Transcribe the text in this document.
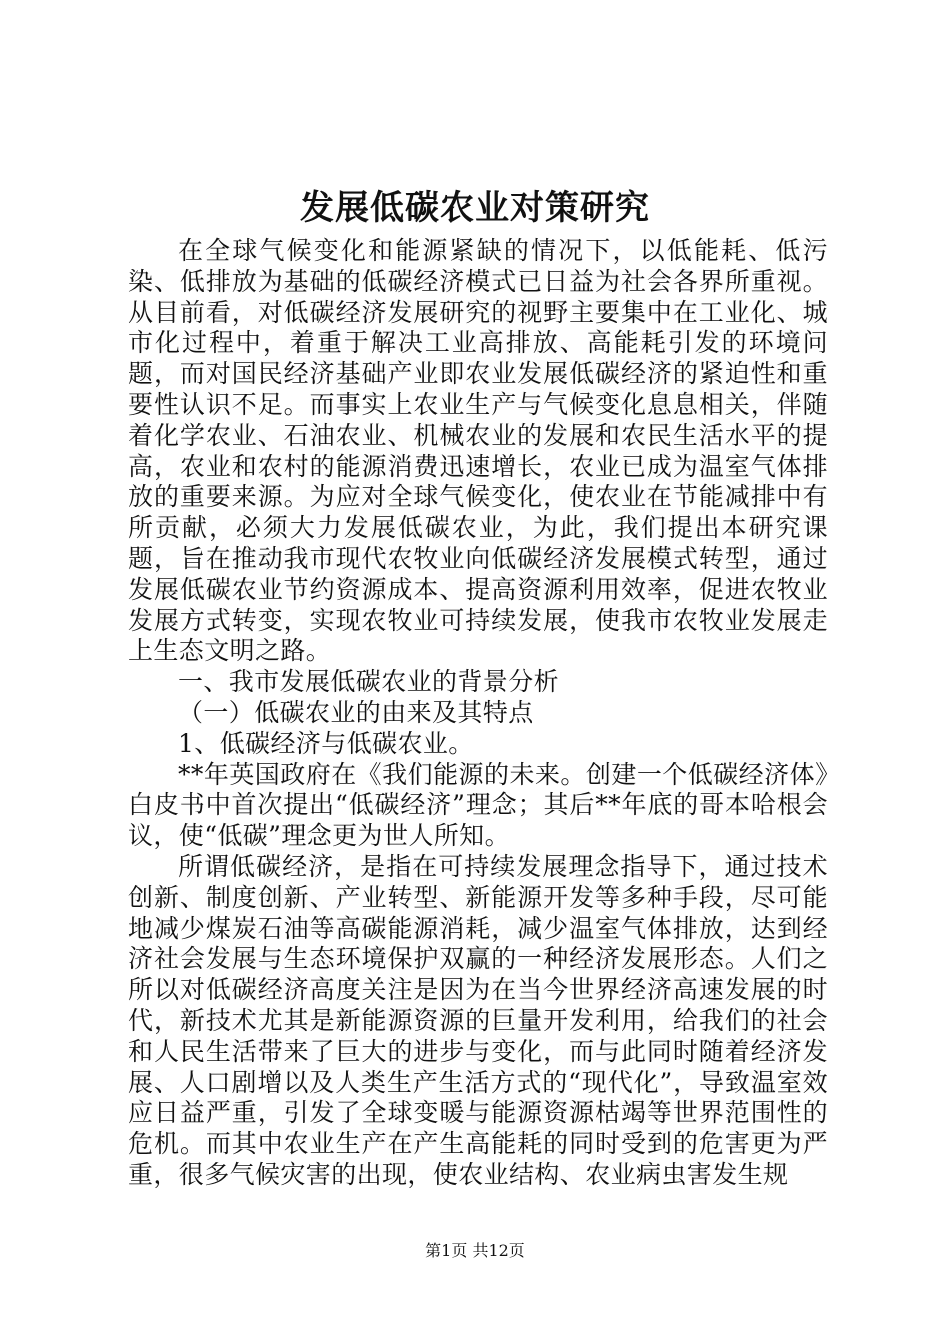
发展低碳农业对策研究

在全球气候变化和能源紧缺的情况下，以低能耗、低污染、低排放为基础的低碳经济模式已日益为社会各界所重视。从目前看，对低碳经济发展研究的视野主要集中在工业化、城市化过程中，着重于解决工业高排放、高能耗引发的环境问题，而对国民经济基础产业即农业发展低碳经济的紧迫性和重要性认识不足。而事实上农业生产与气候变化息息相关，伴随着化学农业、石油农业、机械农业的发展和农民生活水平的提高，农业和农村的能源消费迅速增长，农业已成为温室气体排放的重要来源。为应对全球气候变化，使农业在节能减排中有所贡献，必须大力发展低碳农业，为此，我们提出本研究课题，旨在推动我市现代农牧业向低碳经济发展模式转型，通过发展低碳农业节约资源成本、提高资源利用效率，促进农牧业发展方式转变，实现农牧业可持续发展，使我市农牧业发展走上生态文明之路。

一、我市发展低碳农业的背景分析

（一）低碳农业的由来及其特点

1、低碳经济与低碳农业。

**年英国政府在《我们能源的未来。创建一个低碳经济体》白皮书中首次提出“低碳经济”理念；其后**年底的哥本哈根会议，使“低碳”理念更为世人所知。

所谓低碳经济，是指在可持续发展理念指导下，通过技术创新、制度创新、产业转型、新能源开发等多种手段，尽可能地减少煤炭石油等高碳能源消耗，减少温室气体排放，达到经济社会发展与生态环境保护双赢的一种经济发展形态。人们之所以对低碳经济高度关注是因为在当今世界经济高速发展的时代，新技术尤其是新能源资源的巨量开发利用，给我们的社会和人民生活带来了巨大的进步与变化，而与此同时随着经济发展、人口剧增以及人类生产生活方式的“现代化”，导致温室效应日益严重，引发了全球变暖与能源资源枯竭等世界范围性的危机。而其中农业生产在产生高能耗的同时受到的危害更为严重，很多气候灾害的出现，使农业结构、农业病虫害发生规

第1页 共12页
